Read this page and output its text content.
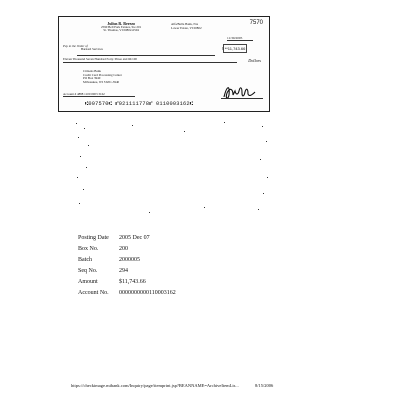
Julius R. Berezo
2590 Bell Park Estates, Ste 201
St. Thomas, VI 00802-6504
Alfa/Bella Bank, NA
Lower Estate, VI 00802
7570
11/30/2005
Pay to the Order of
Barnard Services	$ **11,743.66
Eleven Thousand Seven Hundred Forty-Three and 66/100	Dollars
Citizens Bank
Credit Card Processing Center
PO Box 3940
Milwaukee, WI 53201-3940
Account # 4888 1100 0003 3162
⑆007570⑆ ⑈021111778⑈ 0110003162⑆
Posting Date	2005 Dec 07
Box No.	200
Batch	2000005
Seq No.	294
Amount	$11,743.66
Account No.	0000000000110003162
https://checkimage.mibank.com/Inquiry/page/itemprint.jsp?BEANNAME=ArchiveItemLis...	8/15/2006
